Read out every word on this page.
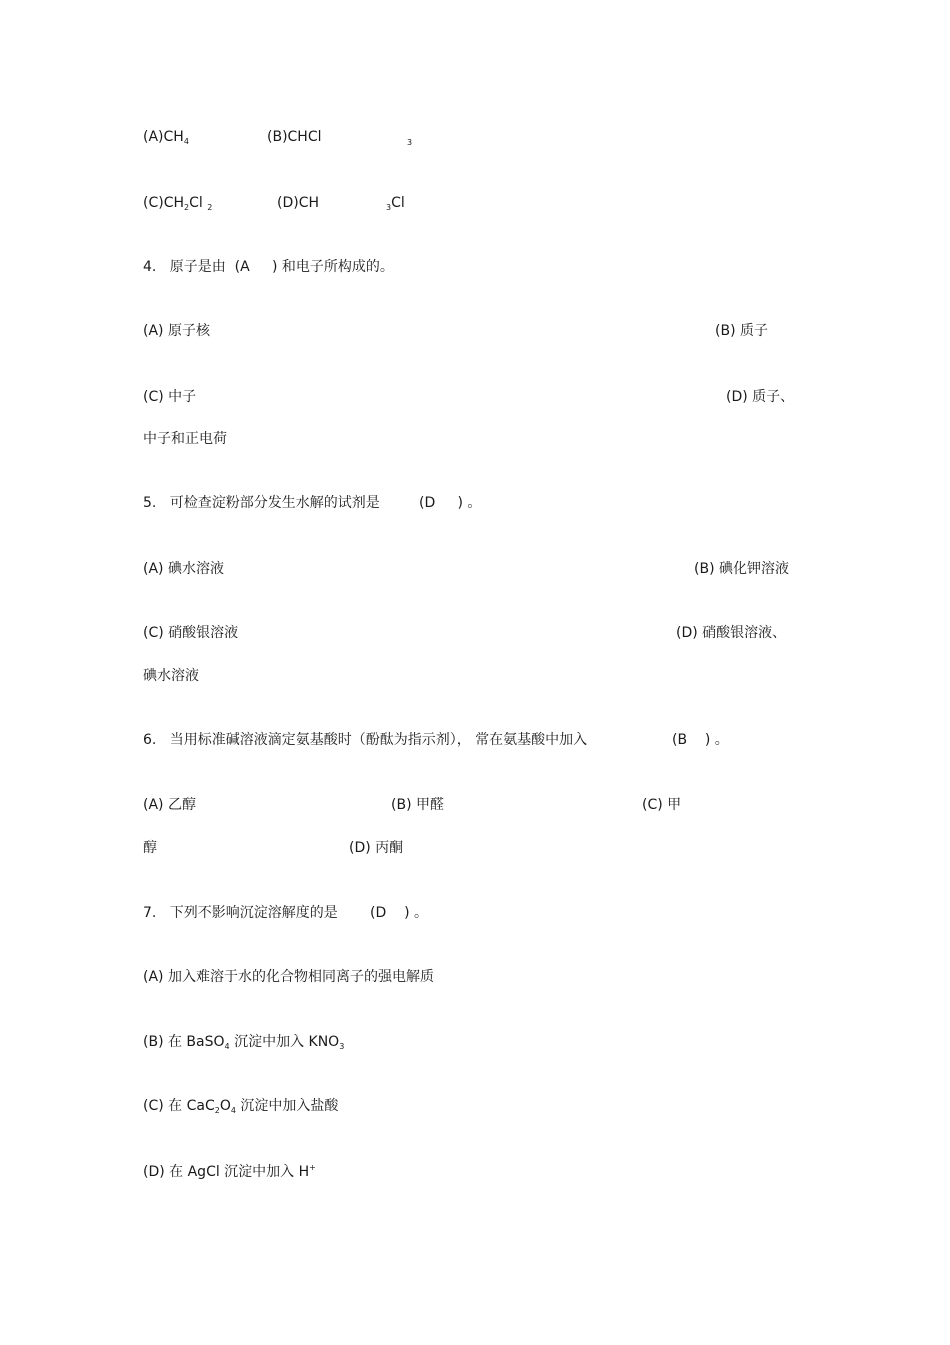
$(A)CH_4$	(B)CHCl	3
$(C)CH_2Cl$ $_2$	(D)CH	$_3$Cl
4. 原子是由 (A ) 和电子所构成的。
(A) 原子核	(B) 质子
(C) 中子	(D) 质子、
中子和正电荷
5. 可检查淀粉部分发生水解的试剂是	(D ) 。
(A) 碘水溶液	(B) 碘化钾溶液
(C) 硝酸银溶液	(D) 硝酸银溶液、
碘水溶液
6. 当用标准碱溶液滴定氨基酸时（酚酞为指示剂）， 常在氨基酸中加入	(B ) 。
(A) 乙醇	(B) 甲醛	(C) 甲
醇	(D) 丙酮
7. 下列不影响沉淀溶解度的是 (D ) 。
(A) 加入难溶于水的化合物相同离子的强电解质
(B) 在 BaSO$_4$ 沉淀中加入 $KNO_3$
(C) 在 $CaC_2O_4$ 沉淀中加入盐酸
(D) 在 AgCl 沉淀中加入 H+
